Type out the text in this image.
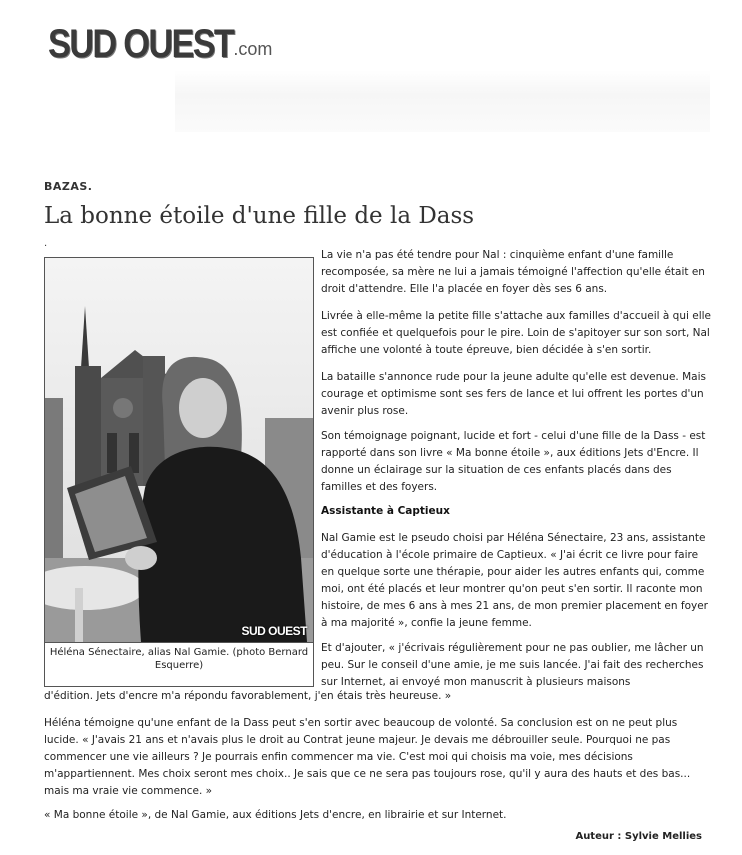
SUD OUEST .com
BAZAS.
La bonne étoile d'une fille de la Dass
.
SUD OUEST
Héléna Sénectaire, alias Nal Gamie. (photo Bernard Esquerre)

La vie n'a pas été tendre pour Nal : cinquième enfant d'une famille recomposée, sa mère ne lui a jamais témoigné l'affection qu'elle était en droit d'attendre. Elle l'a placée en foyer dès ses 6 ans.

Livrée à elle-même la petite fille s'attache aux familles d'accueil à qui elle est confiée et quelquefois pour le pire. Loin de s'apitoyer sur son sort, Nal affiche une volonté à toute épreuve, bien décidée à s'en sortir.

La bataille s'annonce rude pour la jeune adulte qu'elle est devenue. Mais courage et optimisme sont ses fers de lance et lui offrent les portes d'un avenir plus rose.

Son témoignage poignant, lucide et fort - celui d'une fille de la Dass - est rapporté dans son livre « Ma bonne étoile », aux éditions Jets d'Encre. Il donne un éclairage sur la situation de ces enfants placés dans des familles et des foyers.

Assistante à Captieux

Nal Gamie est le pseudo choisi par Héléna Sénectaire, 23 ans, assistante d'éducation à l'école primaire de Captieux. « J'ai écrit ce livre pour faire en quelque sorte une thérapie, pour aider les autres enfants qui, comme moi, ont été placés et leur montrer qu'on peut s'en sortir. Il raconte mon histoire, de mes 6 ans à mes 21 ans, de mon premier placement en foyer à ma majorité », confie la jeune femme.

Et d'ajouter, « j'écrivais régulièrement pour ne pas oublier, me lâcher un peu. Sur le conseil d'une amie, je me suis lancée. J'ai fait des recherches sur Internet, ai envoyé mon manuscrit à plusieurs maisons

d'édition. Jets d'encre m'a répondu favorablement, j'en étais très heureuse. »

Héléna témoigne qu'une enfant de la Dass peut s'en sortir avec beaucoup de volonté. Sa conclusion est on ne peut plus lucide. « J'avais 21 ans et n'avais plus le droit au Contrat jeune majeur. Je devais me débrouiller seule. Pourquoi ne pas commencer une vie ailleurs ? Je pourrais enfin commencer ma vie. C'est moi qui choisis ma voie, mes décisions m'appartiennent. Mes choix seront mes choix.. Je sais que ce ne sera pas toujours rose, qu'il y aura des hauts et des bas... mais ma vraie vie commence. »

« Ma bonne étoile », de Nal Gamie, aux éditions Jets d'encre, en librairie et sur Internet.

Auteur : Sylvie Mellies
